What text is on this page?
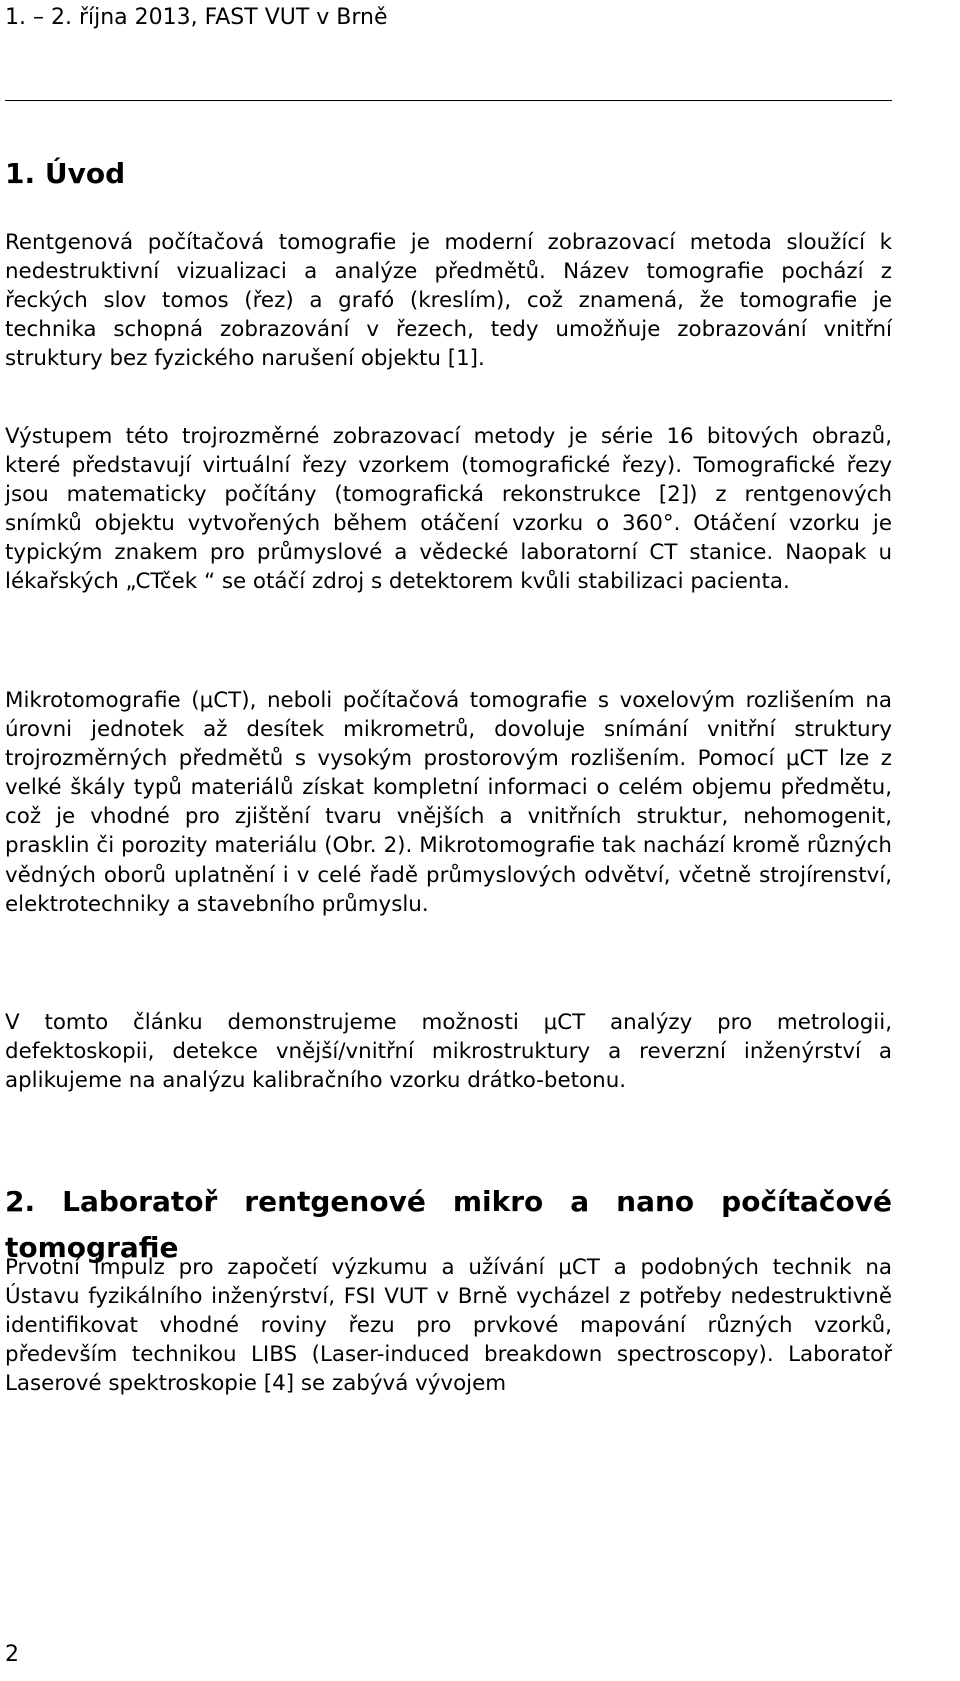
1. – 2. října 2013, FAST VUT v Brně
1. Úvod

Rentgenová počítačová tomografie je moderní zobrazovací metoda sloužící k nedestruktivní vizualizaci a analýze předmětů. Název tomografie pochází z řeckých slov tomos (řez) a grafó (kreslím), což znamená, že tomografie je technika schopná zobrazování v řezech, tedy umožňuje zobrazování vnitřní struktury bez fyzického narušení objektu [1].

Výstupem této trojrozměrné zobrazovací metody je série 16 bitových obrazů, které představují virtuální řezy vzorkem (tomografické řezy). Tomografické řezy jsou matematicky počítány (tomografická rekonstrukce [2]) z rentgenových snímků objektu vytvořených během otáčení vzorku o 360°. Otáčení vzorku je typickým znakem pro průmyslové a vědecké laboratorní CT stanice. Naopak u lékařských „CTček “ se otáčí zdroj s detektorem kvůli stabilizaci pacienta.

Mikrotomografie (μCT), neboli počítačová tomografie s voxelovým rozlišením na úrovni jednotek až desítek mikrometrů, dovoluje snímání vnitřní struktury trojrozměrných předmětů s vysokým prostorovým rozlišením. Pomocí μCT lze z velké škály typů materiálů získat kompletní informaci o celém objemu předmětu, což je vhodné pro zjištění tvaru vnějších a vnitřních struktur, nehomogenit, prasklin či porozity materiálu (Obr. 2). Mikrotomografie tak nachází kromě různých vědných oborů uplatnění i v celé řadě průmyslových odvětví, včetně strojírenství, elektrotechniky a stavebního průmyslu.

V tomto článku demonstrujeme možnosti μCT analýzy pro metrologii, defektoskopii, detekce vnější/vnitřní mikrostruktury a reverzní inženýrství a aplikujeme na analýzu kalibračního vzorku drátko-betonu.

2. Laboratoř rentgenové mikro a nano počítačové tomografie

Prvotní impulz pro započetí výzkumu a užívání μCT a podobných technik na Ústavu fyzikálního inženýrství, FSI VUT v Brně vycházel z potřeby nedestruktivně identifikovat vhodné roviny řezu pro prvkové mapování různých vzorků, především technikou LIBS (Laser-induced breakdown spectroscopy). Laboratoř Laserové spektroskopie [4] se zabývá vývojem

2
